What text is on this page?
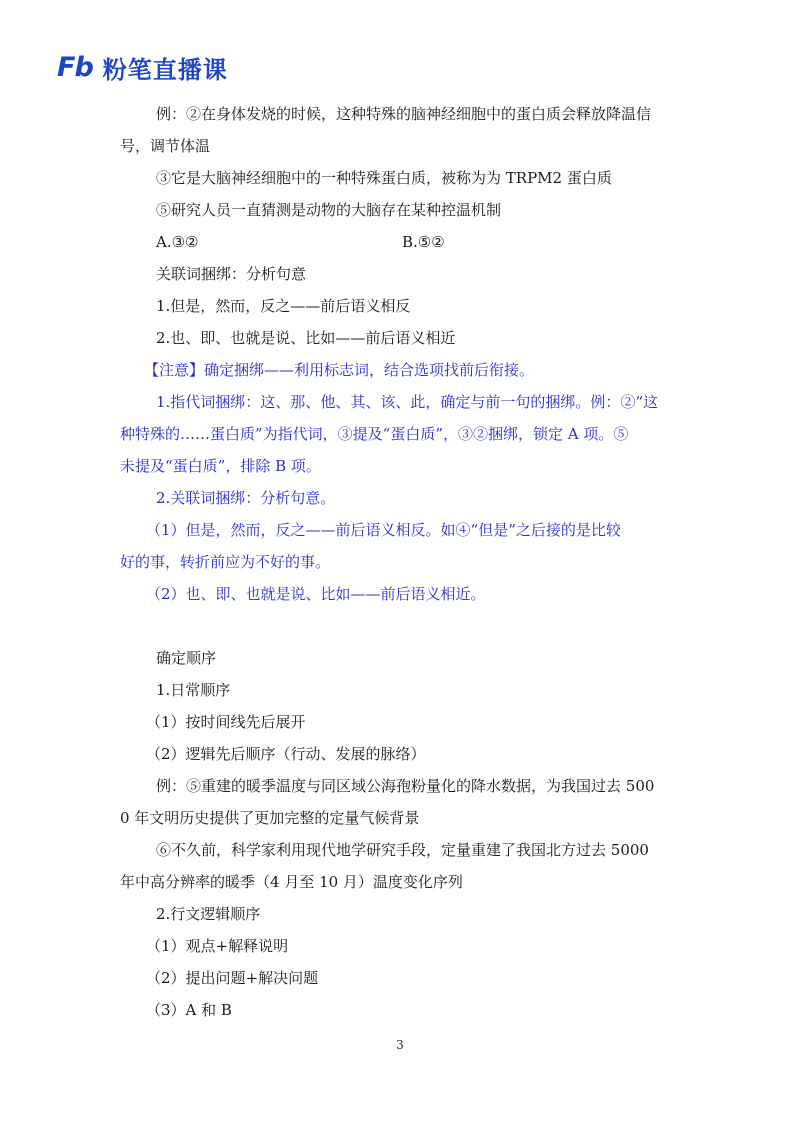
Fb 粉笔直播课
例：②在身体发烧的时候，这种特殊的脑神经细胞中的蛋白质会释放降温信
号，调节体温
③它是大脑神经细胞中的一种特殊蛋白质，被称为为 TRPM2 蛋白质
⑤研究人员一直猜测是动物的大脑存在某种控温机制
A.③②	B.⑤②
关联词捆绑：分析句意
1.但是，然而，反之——前后语义相反
2.也、即、也就是说、比如——前后语义相近
【注意】确定捆绑——利用标志词，结合选项找前后衔接。
1.指代词捆绑：这、那、他、其、该、此，确定与前一句的捆绑。例：②“这
种特殊的……蛋白质”为指代词，③提及“蛋白质”，③②捆绑，锁定 A 项。⑤
未提及“蛋白质”，排除 B 项。
2.关联词捆绑：分析句意。
（1）但是，然而，反之——前后语义相反。如④“但是”之后接的是比较
好的事，转折前应为不好的事。
（2）也、即、也就是说、比如——前后语义相近。
确定顺序
1.日常顺序
（1）按时间线先后展开
（2）逻辑先后顺序（行动、发展的脉络）
例：⑤重建的暖季温度与同区域公海孢粉量化的降水数据，为我国过去 500
0 年文明历史提供了更加完整的定量气候背景
⑥不久前，科学家利用现代地学研究手段，定量重建了我国北方过去 5000
年中高分辨率的暖季（4 月至 10 月）温度变化序列
2.行文逻辑顺序
（1）观点+解释说明
（2）提出问题+解决问题
（3）A 和 B
3
